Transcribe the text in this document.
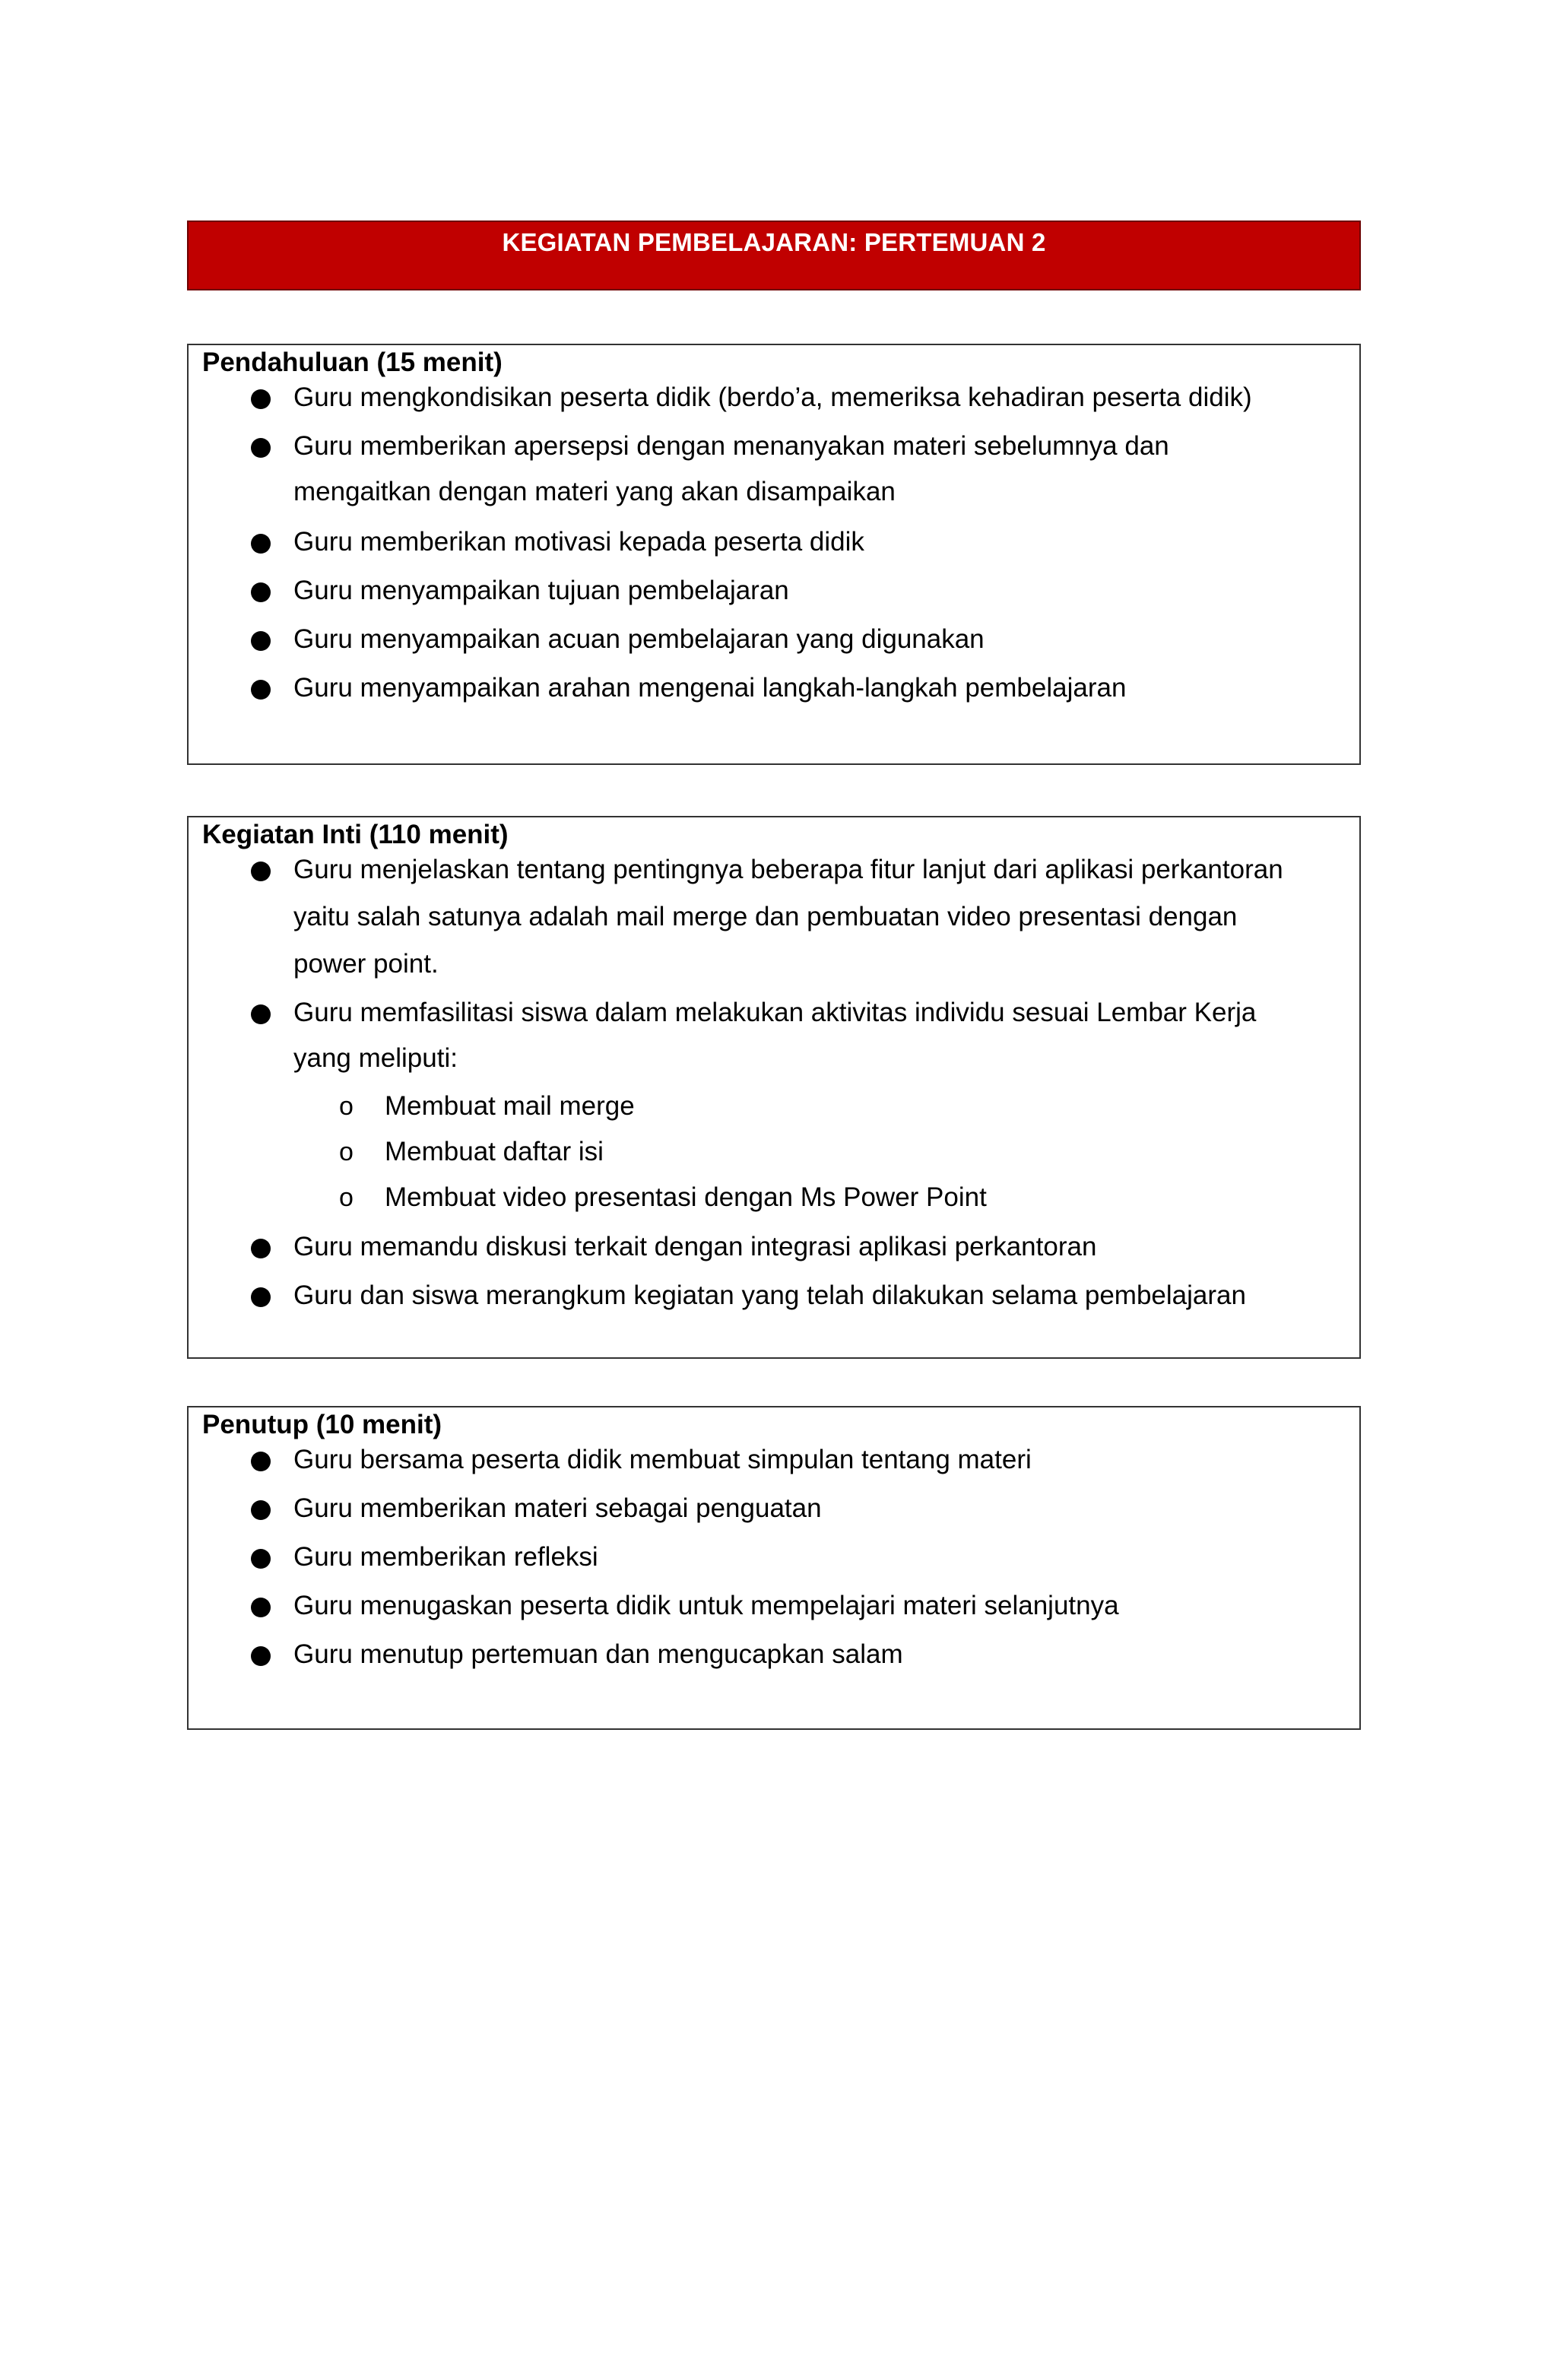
KEGIATAN PEMBELAJARAN: PERTEMUAN 2
Pendahuluan (15 menit)
Guru mengkondisikan peserta didik (berdo’a, memeriksa kehadiran peserta didik)
Guru memberikan apersepsi dengan menanyakan materi sebelumnya dan
mengaitkan dengan materi yang akan disampaikan
Guru memberikan motivasi kepada peserta didik
Guru menyampaikan tujuan pembelajaran
Guru menyampaikan acuan pembelajaran yang digunakan
Guru menyampaikan arahan mengenai langkah-langkah pembelajaran
Kegiatan Inti (110 menit)
Guru menjelaskan tentang pentingnya beberapa fitur lanjut dari aplikasi perkantoran
yaitu salah satunya adalah mail merge dan pembuatan video presentasi dengan
power point.
Guru memfasilitasi siswa dalam melakukan aktivitas individu sesuai Lembar Kerja
yang meliputi:
o Membuat mail merge
o Membuat daftar isi
o Membuat video presentasi dengan Ms Power Point
Guru memandu diskusi terkait dengan integrasi aplikasi perkantoran
Guru dan siswa merangkum kegiatan yang telah dilakukan selama pembelajaran
Penutup (10 menit)
Guru bersama peserta didik membuat simpulan tentang materi
Guru memberikan materi sebagai penguatan
Guru memberikan refleksi
Guru menugaskan peserta didik untuk mempelajari materi selanjutnya
Guru menutup pertemuan dan mengucapkan salam
